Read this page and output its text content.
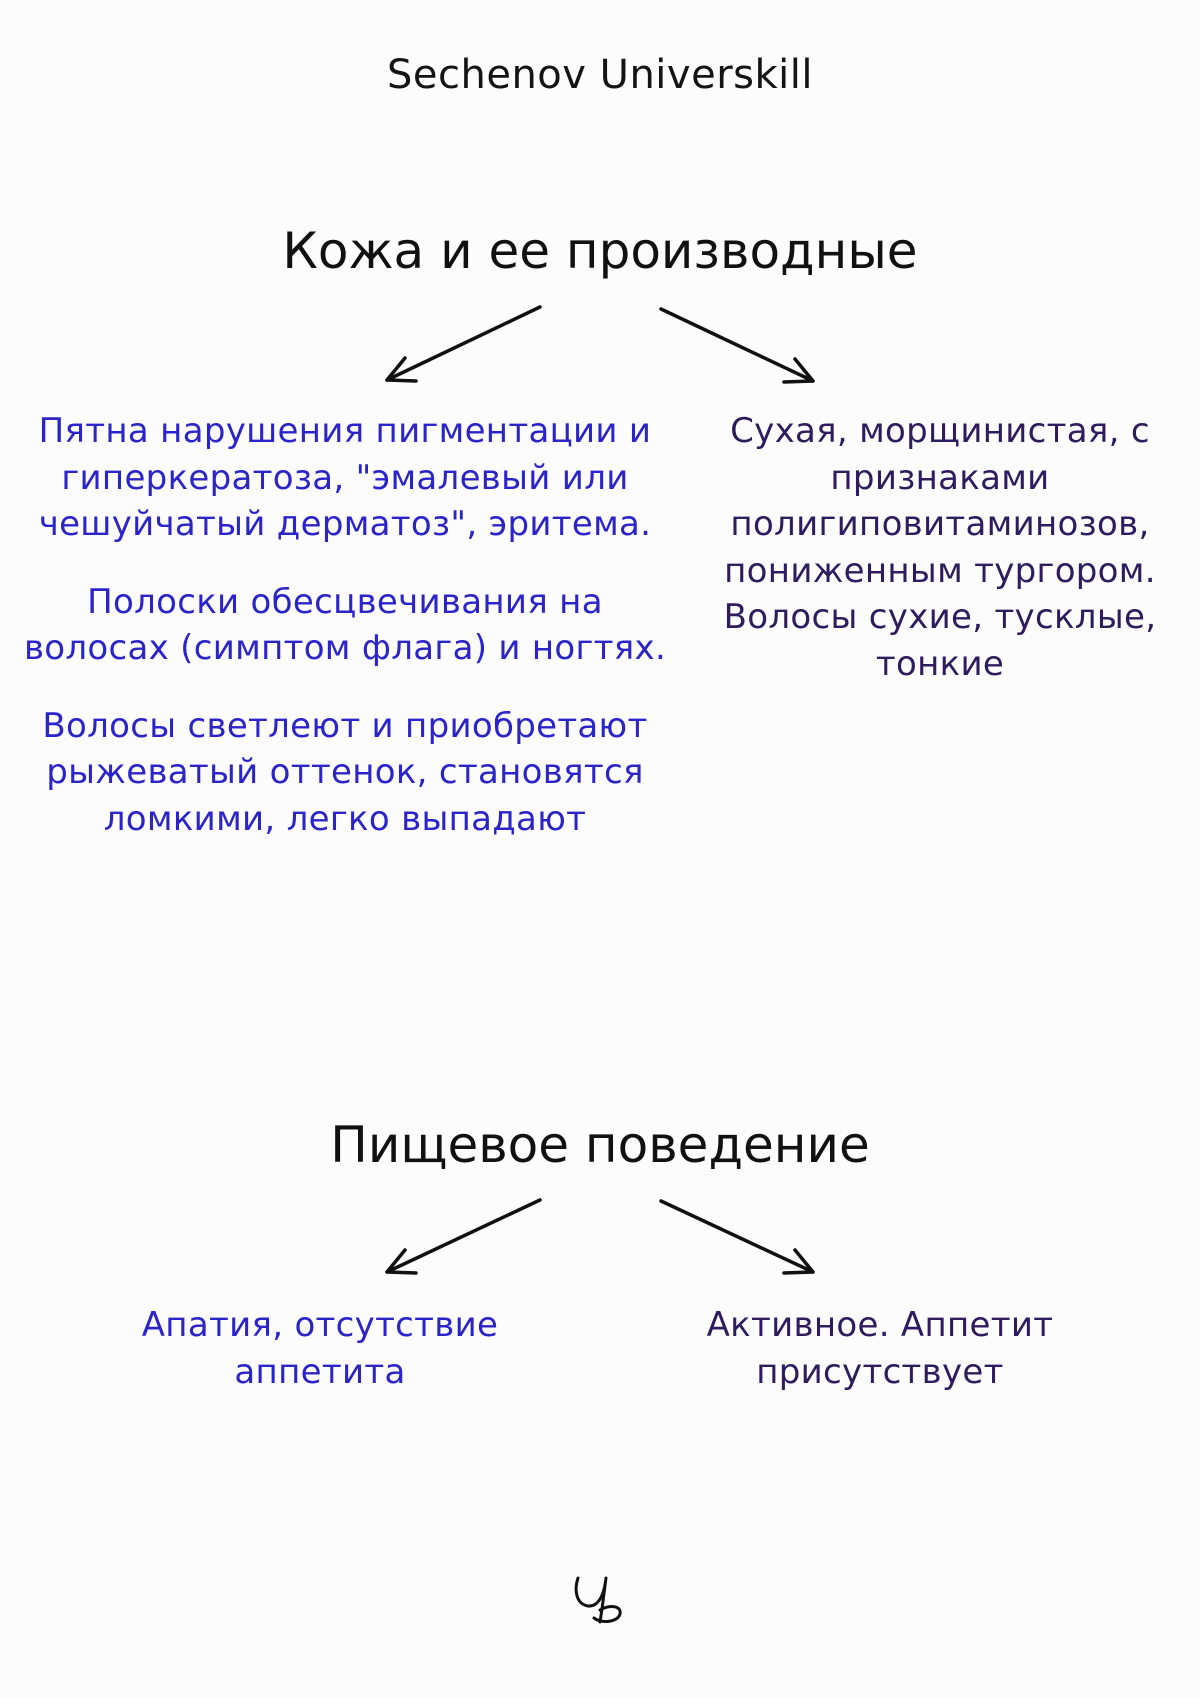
Sechenov Universkill
Кожа и ее производные

Пятна нарушения пигментации и гиперкератоза, "эмалевый или чешуйчатый дерматоз", эритема.

Полоски обесцвечивания на волосах (симптом флага) и ногтях.

Волосы светлеют и приобретают рыжеватый оттенок, становятся ломкими, легко выпадают

Сухая, морщинистая, с признаками полигиповитаминозов, пониженным тургором. Волосы сухие, тусклые, тонкие

Пищевое поведение

Апатия, отсутствие аппетита

Активное. Аппетит присутствует
